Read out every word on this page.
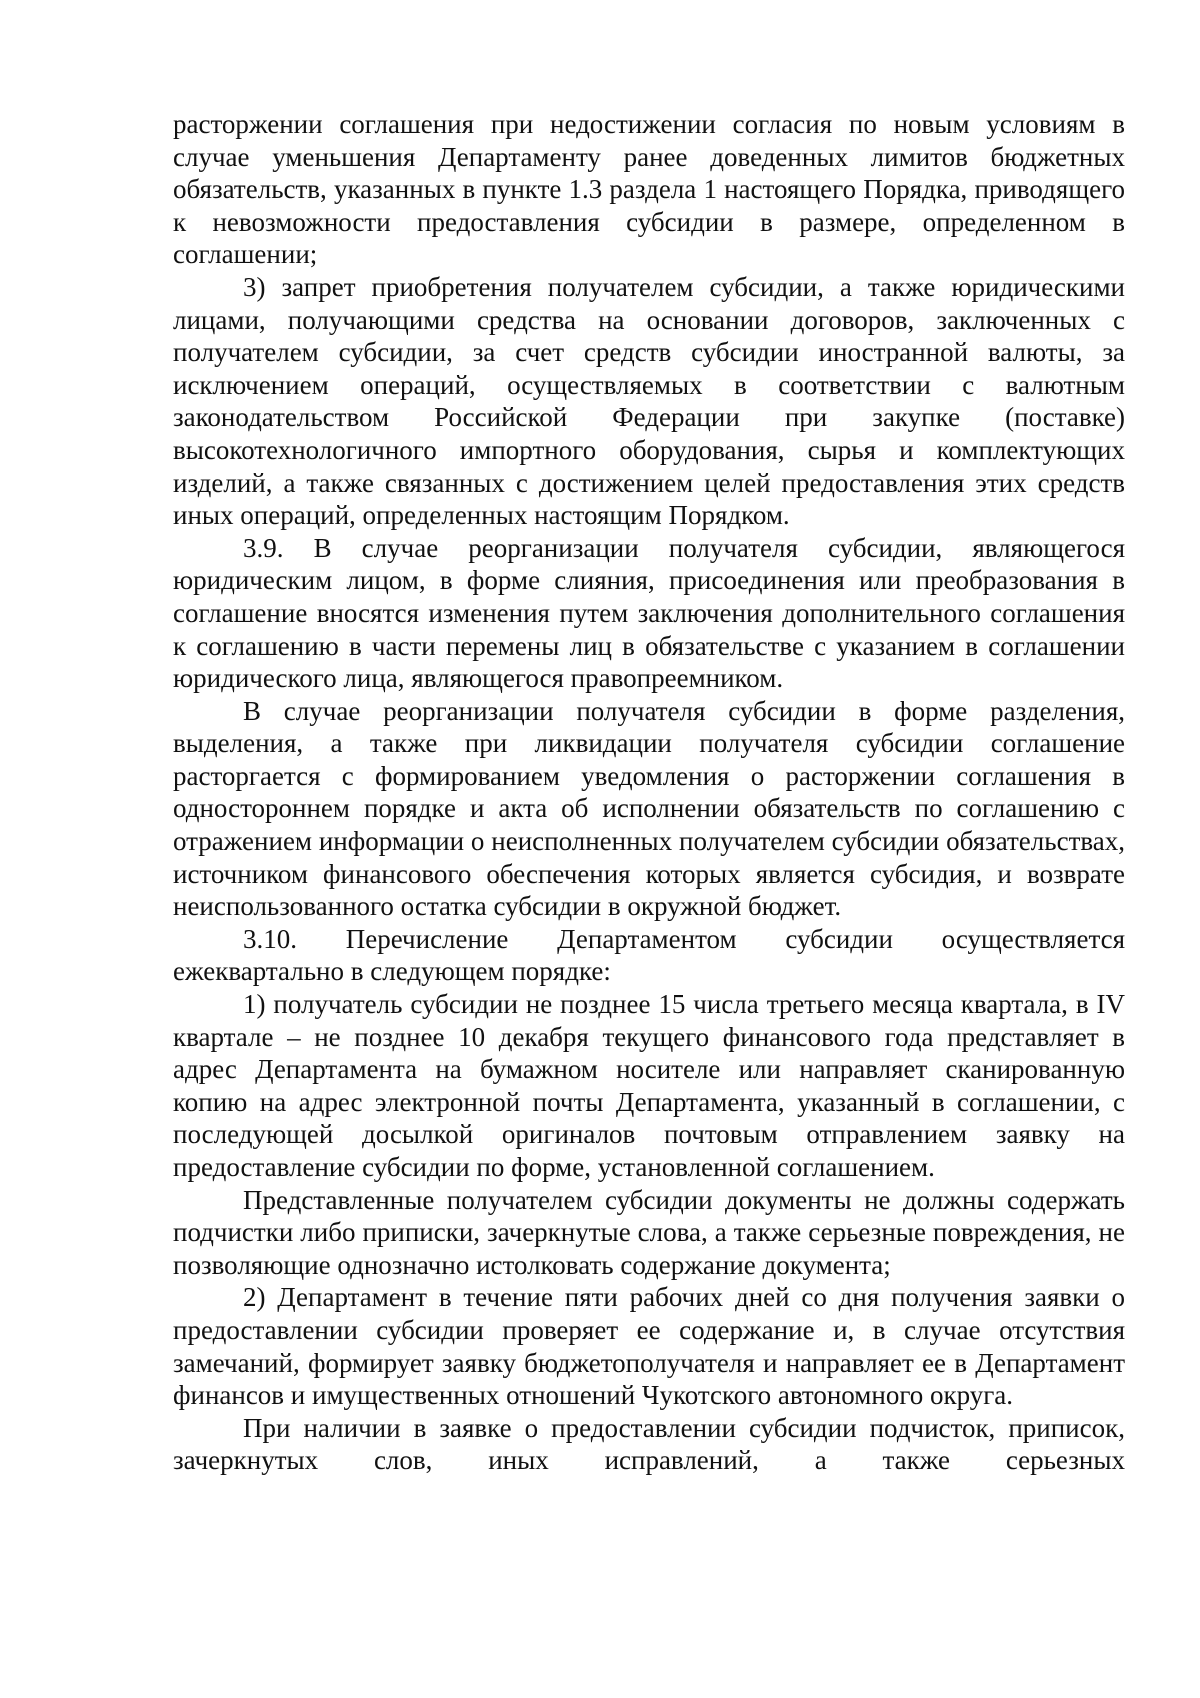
расторжении соглашения при недостижении согласия по новым условиям в случае уменьшения Департаменту ранее доведенных лимитов бюджетных обязательств, указанных в пункте 1.3 раздела 1 настоящего Порядка, приводящего к невозможности предоставления субсидии в размере, определенном в соглашении;

3) запрет приобретения получателем субсидии, а также юридическими лицами, получающими средства на основании договоров, заключенных с получателем субсидии, за счет средств субсидии иностранной валюты, за исключением операций, осуществляемых в соответствии с валютным законодательством Российской Федерации при закупке (поставке) высокотехнологичного импортного оборудования, сырья и комплектующих изделий, а также связанных с достижением целей предоставления этих средств иных операций, определенных настоящим Порядком.

3.9. В случае реорганизации получателя субсидии, являющегося юридическим лицом, в форме слияния, присоединения или преобразования в соглашение вносятся изменения путем заключения дополнительного соглашения к соглашению в части перемены лиц в обязательстве с указанием в соглашении юридического лица, являющегося правопреемником.

В случае реорганизации получателя субсидии в форме разделения, выделения, а также при ликвидации получателя субсидии соглашение расторгается с формированием уведомления о расторжении соглашения в одностороннем порядке и акта об исполнении обязательств по соглашению с отражением информации о неисполненных получателем субсидии обязательствах, источником финансового обеспечения которых является субсидия, и возврате неиспользованного остатка субсидии в окружной бюджет.

3.10. Перечисление Департаментом субсидии осуществляется ежеквартально в следующем порядке:

1) получатель субсидии не позднее 15 числа третьего месяца квартала, в IV квартале – не позднее 10 декабря текущего финансового года представляет в адрес Департамента на бумажном носителе или направляет сканированную копию на адрес электронной почты Департамента, указанный в соглашении, с последующей досылкой оригиналов почтовым отправлением заявку на предоставление субсидии по форме, установленной соглашением.

Представленные получателем субсидии документы не должны содержать подчистки либо приписки, зачеркнутые слова, а также серьезные повреждения, не позволяющие однозначно истолковать содержание документа;

2) Департамент в течение пяти рабочих дней со дня получения заявки о предоставлении субсидии проверяет ее содержание и, в случае отсутствия замечаний, формирует заявку бюджетополучателя и направляет ее в Департамент финансов и имущественных отношений Чукотского автономного округа.

При наличии в заявке о предоставлении субсидии подчисток, приписок, зачеркнутых слов, иных исправлений, а также серьезных
